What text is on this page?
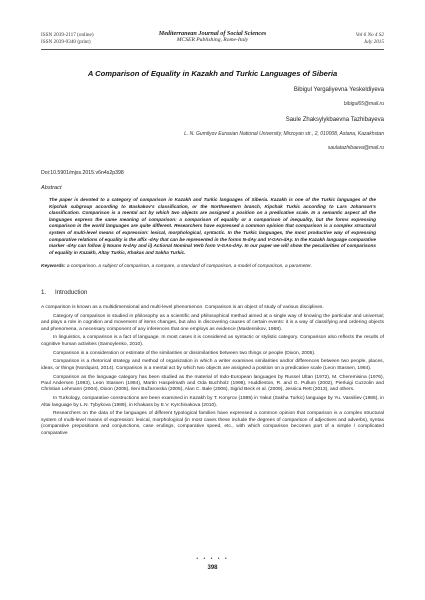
ISSN 2039-2117 (online)
ISSN 2039-9340 (print)
Mediterranean Journal of Social Sciences
MCSER Publishing, Rome-Italy
Vol 6 No 4 S2
July 2015
A Comparison of Equality in Kazakh and Turkic Languages of Siberia
Bibigul Yergaliyevna Yeskeldiyeva
bibigul65@mail.ru
Saule Zhaksylykbaevna Tazhibayeva
L. N. Gumilyov Eurasian National University, Mirzoyan str., 2, 010008, Astana, Kazakhstan
saulatazhibaeva@mail.ru
Doi:10.5901/mjss.2015.v6n4s2p398
Abstract
The paper is devoted to a category of comparison in Kazakh and Turkic languages of Siberia. Kazakh is one of the Turkic languages of the Kipchak subgroup according to Baskakov's classification, or the Northwestern branch, Kipchak Turkic according to Lars Johanson's classification. Comparison is a mental act by which two objects are assigned a position on a predicative scale. In a semantic aspect all the languages express the same meaning of comparison: a comparison of equality or a comparison of inequality, but the forms expressing comparison in the world languages are quite different. Researchers have expressed a common opinion that comparison is a complex structural system of multi-level means of expression: lexical, morphological, syntactic. In the Turkic languages, the most productive way of expressing comparative relations of equality is the affix -dAy that can be represented in the forms N-dAy and V-GAn-dAy. In the Kazakh language comparative marker -dAy can follow i) Nouns N-dAy and ii) Actional Nominal Verb form V-GAn-dAy. In our paper we will show the peculiarities of comparisons of equality in Kazakh, Altay Turkic, Khakas and Sakha Turkic.
Keywords: a comparison, a subject of comparison, a compare, a standard of comparison, a model of comparison, a parameter.
1. Introduction

A comparison is known as a multidimensional and multi-level phenomenon. Comparison is an object of study of various disciplines.

Category of comparison is studied in philosophy as a scientific and philosophical method aimed at a single way of knowing the particular and universal; and plays a role in cognition and movement of items changes, but also in discovering causes of certain events: it is a way of classifying and ordering objects and phenomena, a necessary component of any inferences that one employs as evidence (Maslennikov, 1968).

In linguistics, a comparison is a fact of language. In most cases it is considered as syntactic or stylistic category. Comparison also reflects the results of cognitive human activities (Samoylenko, 2010).

Comparison is a consideration or estimate of the similarities or dissimilarities between two things or people (Dixon, 2005).

Comparison is a rhetorical strategy and method of organization in which a writer examines similarities and/or differences between two people, places, ideas, or things (Nordquist, 2014). Comparison is a mental act by which two objects are assigned a position on a predicative scale (Leon Stassen, 1984).

Comparison as the language category has been studied as the material of Indo-European languages by Russel Ultan (1972), M. Cheremisina (1976), Paul Andersen (1983), Leon Stassen (1984), Martin Haspelmath and Oda Buchholz (1998), Huddleston, R. and G. Pullum (2002), Pierluigi Cuzzolin and Christian Lehmann (2004), Dixon (2005), Ileni Bužarovska (2005), Alan C. Bale (2006), Sigrid Beck et al. (2009), Jessica Rett (2013), and others.

In Turkology, comparative constructions are been examined in Kazakh by T. Konyrov (1985) in Yakut (Sakha Turkic) language by Yu. Vassiliev (1986), in Altai language by L.N. Tybykova (1989), in Khakass by E.V. Kyrchinakova (2010).

Researchers on the data of the languages of different typological families have expressed a common opinion that comparison is a complex structural system of multi-level means of expression: lexical, morphological (in most cases these include the degrees of comparison of adjectives and adverbs), syntax (comparative prepositions and conjunctions, case endings, comparative speed, etc., with which comparison becomes part of a simple / complicated comparative

• • • • •
398
